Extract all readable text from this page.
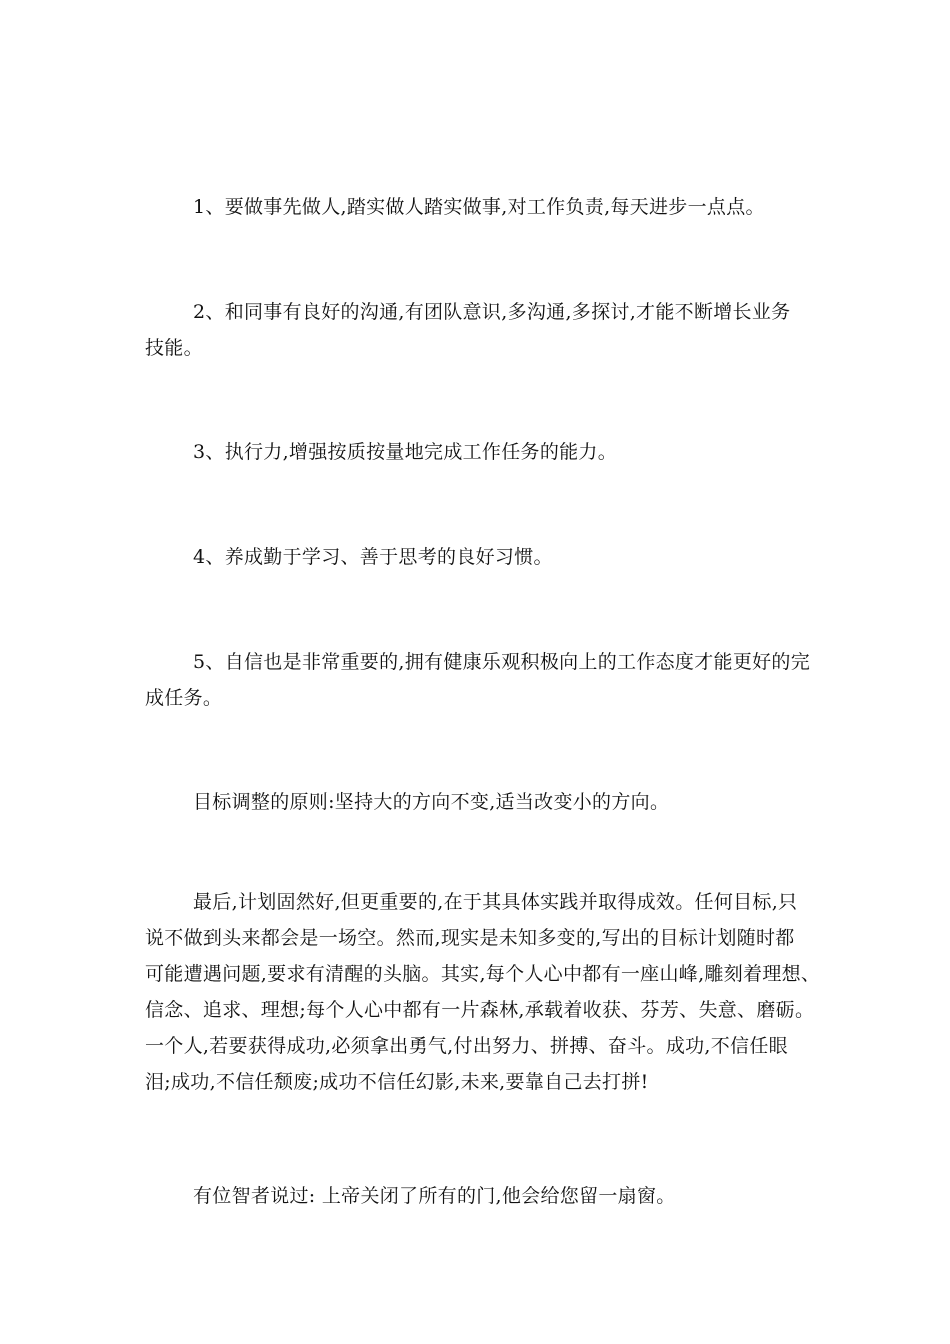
1、要做事先做人,踏实做人踏实做事,对工作负责,每天进步一点点。

2、和同事有良好的沟通,有团队意识,多沟通,多探讨,才能不断增长业务
技能。

3、执行力,增强按质按量地完成工作任务的能力。

4、养成勤于学习、善于思考的良好习惯。

5、自信也是非常重要的,拥有健康乐观积极向上的工作态度才能更好的完
成任务。

目标调整的原则:坚持大的方向不变,适当改变小的方向。

最后,计划固然好,但更重要的,在于其具体实践并取得成效。任何目标,只
说不做到头来都会是一场空。然而,现实是未知多变的,写出的目标计划随时都
可能遭遇问题,要求有清醒的头脑。其实,每个人心中都有一座山峰,雕刻着理想、
信念、追求、理想;每个人心中都有一片森林,承载着收获、芬芳、失意、磨砺。
一个人,若要获得成功,必须拿出勇气,付出努力、拼搏、奋斗。成功,不信任眼
泪;成功,不信任颓废;成功不信任幻影,未来,要靠自己去打拼!

有位智者说过: 上帝关闭了所有的门,他会给您留一扇窗。
